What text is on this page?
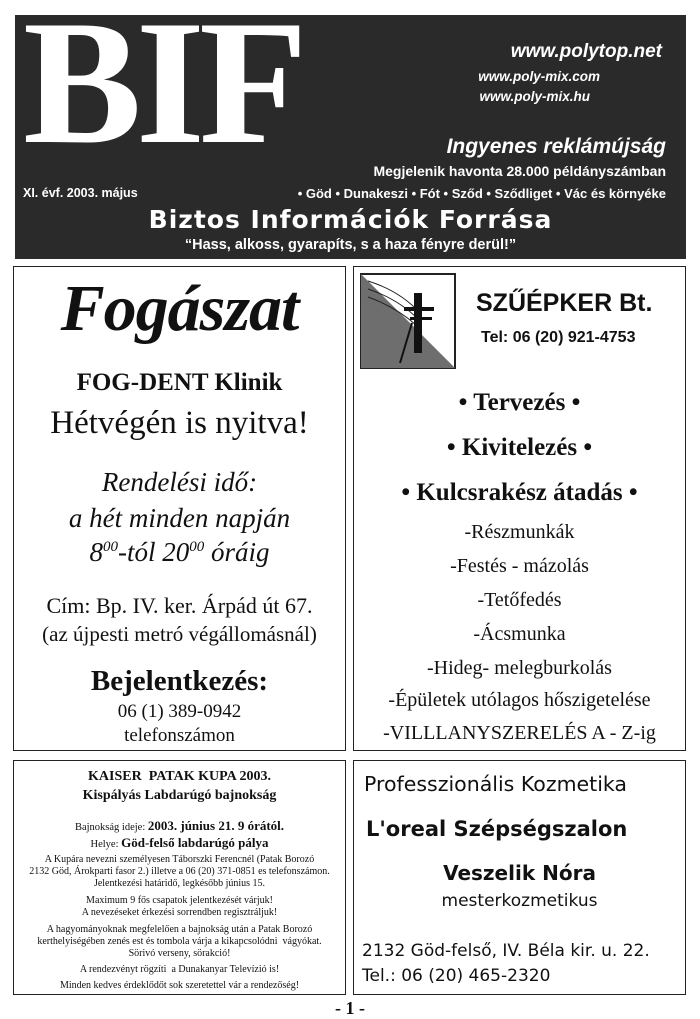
BIF	www.polytop.net
www.poly-mix.com
www.poly-mix.hu
Ingyenes reklámújság
Megjelenik havonta 28.000 példányszámban
XI. évf. 2003. május	• Göd • Dunakeszi • Fót • Sződ • Sződliget • Vác és környéke
Biztos Információk Forrása
“Hass, alkoss, gyarapíts, s a haza fényre derül!”
Fogászat
FOG-DENT Klinik
Hétvégén is nyitva!
Rendelési idő:
a hét minden napján
$8^{00}$-tól $20^{00}$ óráig
Cím: Bp. IV. ker. Árpád út 67.
(az újpesti metró végállomásnál)
Bejelentkezés:
06 (1) 389-0942
telefonszámon
SZŰÉPKER Bt.
Tel: 06 (20) 921-4753
• Tervezés •
• Kivitelezés •
• Kulcsrakész átadás •
-Részmunkák
-Festés - mázolás
-Tetőfedés
-Ácsmunka
-Hideg- melegburkolás
-Épületek utólagos hőszigetelése
-VILLLANYSZERELÉS A - Z-ig
KAISER  PATAK KUPA 2003.
Kispályás Labdarúgó bajnokság
Bajnokság ideje: 2003. június 21. 9 órától.
Helye: Göd-felső labdarúgó pálya
A Kupára nevezni személyesen Táborszki Ferencnél (Patak Borozó
2132 Göd, Árokparti fasor 2.) illetve a 06 (20) 371-0851 es telefonszámon.
Jelentkezési határidő, legkésőbb június 15.
Maximum 9 fős csapatok jelentkezését várjuk!
A nevezéseket érkezési sorrendben regisztráljuk!
A hagyományoknak megfelelően a bajnokság után a Patak Borozó
kerthelyiségében zenés est és tombola várja a kikapcsolódni  vágyókat.
Sörivó verseny, sörakció!
A rendezvényt rögzíti  a Dunakanyar Televízió is!
Minden kedves érdeklődőt sok szeretettel vár a rendezőség!
Professzionális Kozmetika
L'oreal Szépségszalon
Veszelik Nóra
mesterkozmetikus
2132 Göd-felső, IV. Béla kir. u. 22.
Tel.: 06 (20) 465-2320
- 1 -
